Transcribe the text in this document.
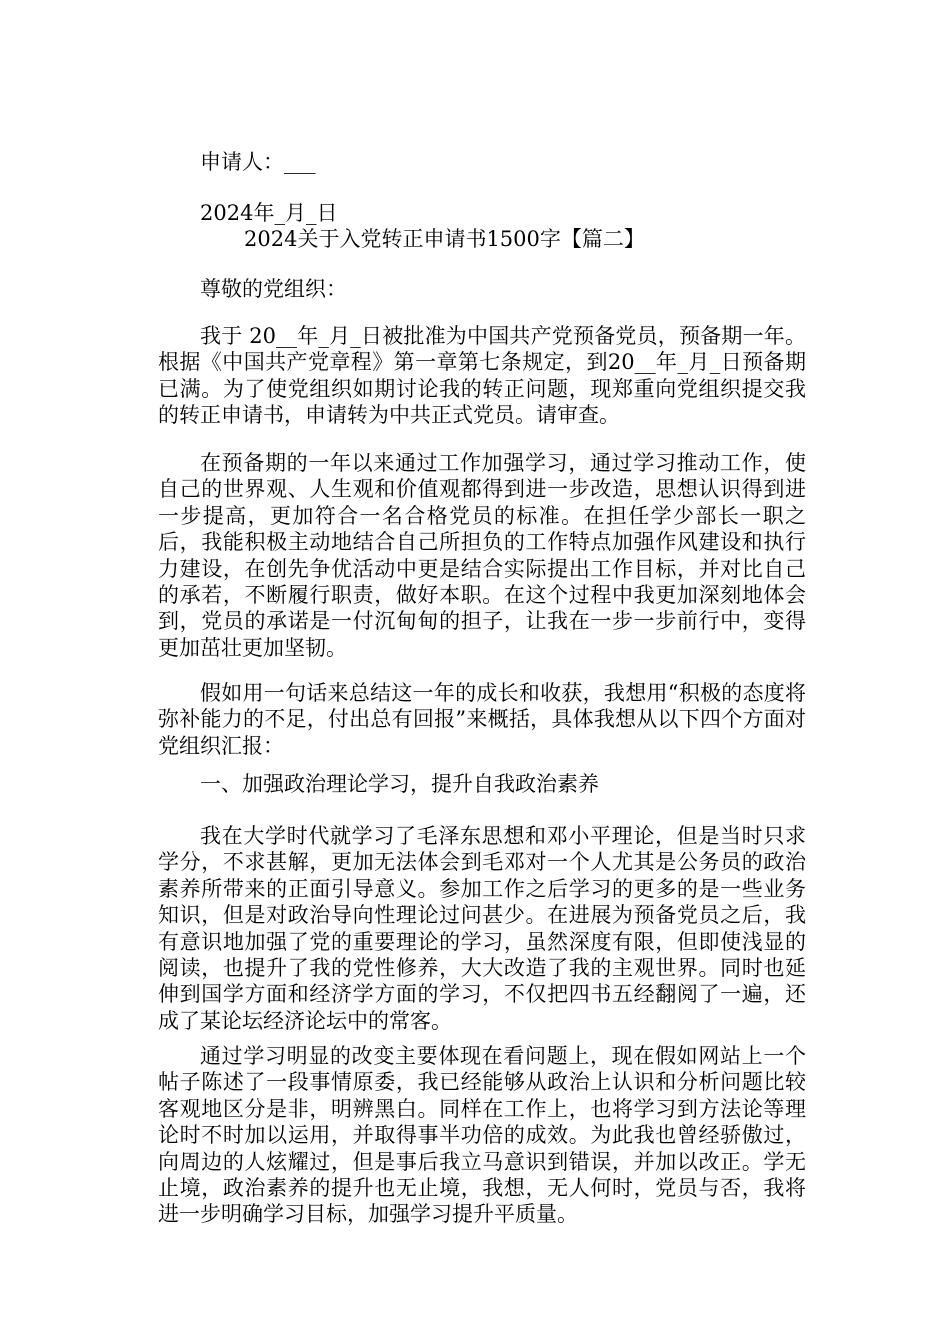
申请人：___
2024年_月_日
2024关于入党转正申请书1500字【篇二】
尊敬的党组织：
我于 20__年_月_日被批准为中国共产党预备党员，预备期一年。根据《中国共产党章程》第一章第七条规定，到20__年_月_日预备期已满。为了使党组织如期讨论我的转正问题，现郑重向党组织提交我的转正申请书，申请转为中共正式党员。请审查。
在预备期的一年以来通过工作加强学习，通过学习推动工作，使自己的世界观、人生观和价值观都得到进一步改造，思想认识得到进一步提高，更加符合一名合格党员的标准。在担任学少部长一职之后，我能积极主动地结合自己所担负的工作特点加强作风建设和执行力建设，在创先争优活动中更是结合实际提出工作目标，并对比自己的承若，不断履行职责，做好本职。在这个过程中我更加深刻地体会到，党员的承诺是一付沉甸甸的担子，让我在一步一步前行中，变得更加茁壮更加坚韧。
假如用一句话来总结这一年的成长和收获，我想用“积极的态度将弥补能力的不足，付出总有回报”来概括，具体我想从以下四个方面对党组织汇报：
一、加强政治理论学习，提升自我政治素养
我在大学时代就学习了毛泽东思想和邓小平理论，但是当时只求学分，不求甚解，更加无法体会到毛邓对一个人尤其是公务员的政治素养所带来的正面引导意义。参加工作之后学习的更多的是一些业务知识，但是对政治导向性理论过问甚少。在进展为预备党员之后，我有意识地加强了党的重要理论的学习，虽然深度有限，但即使浅显的阅读，也提升了我的党性修养，大大改造了我的主观世界。同时也延伸到国学方面和经济学方面的学习，不仅把四书五经翻阅了一遍，还成了某论坛经济论坛中的常客。
通过学习明显的改变主要体现在看问题上，现在假如网站上一个帖子陈述了一段事情原委，我已经能够从政治上认识和分析问题比较客观地区分是非，明辨黑白。同样在工作上，也将学习到方法论等理论时不时加以运用，并取得事半功倍的成效。为此我也曾经骄傲过，向周边的人炫耀过，但是事后我立马意识到错误，并加以改正。学无止境，政治素养的提升也无止境，我想，无人何时，党员与否，我将进一步明确学习目标，加强学习提升平质量。
